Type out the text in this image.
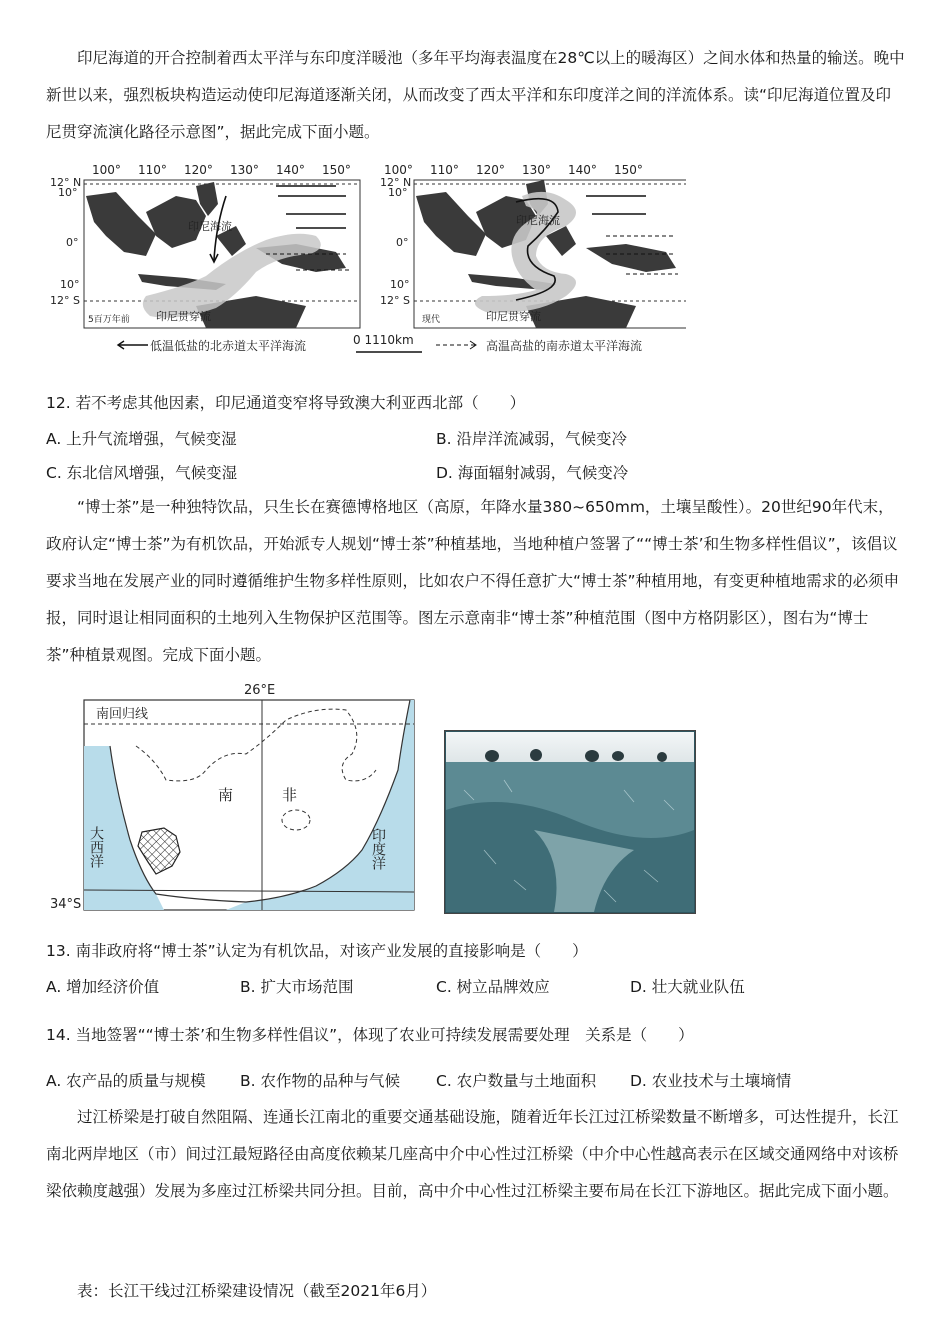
印尼海道的开合控制着西太平洋与东印度洋暖池（多年平均海表温度在28℃以上的暖海区）之间水体和热量的输送。晚中新世以来，强烈板块构造运动使印尼海道逐渐关闭，从而改变了西太平洋和东印度洋之间的洋流体系。读“印尼海道位置及印尼贯穿流演化路径示意图”，据此完成下面小题。
100° 110° 120° 130° 140° 150°	100° 110° 120° 130° 140° 150°
12° N
10°
0°
10°
12° S
12° N
10°
0°
10°
12° S
印尼海流
印尼贯穿流
5百万年前
印尼海流
印尼贯穿流
现代
低温低盐的北赤道太平洋海流	0 1110km	高温高盐的南赤道太平洋海流
12. 若不考虑其他因素，印尼通道变窄将导致澳大利亚西北部（　　）
A. 上升气流增强，气候变湿	B. 沿岸洋流减弱，气候变冷
C. 东北信风增强，气候变湿	D. 海面辐射减弱，气候变冷
“博士茶”是一种独特饮品，只生长在赛德博格地区（高原，年降水量380~650mm，土壤呈酸性）。20世纪90年代末，政府认定“博士茶”为有机饮品，开始派专人规划“博士茶”种植基地，当地种植户签署了““博士茶’和生物多样性倡议”，该倡议要求当地在发展产业的同时遵循维护生物多样性原则，比如农户不得任意扩大“博士茶”种植用地，有变更种植地需求的必须申报，同时退让相同面积的土地列入生物保护区范围等。图左示意南非“博士茶”种植范围（图中方格阴影区），图右为“博士茶”种植景观图。完成下面小题。
26°E
南回归线
南	非
大西洋	印度洋
34°S
13. 南非政府将“博士茶”认定为有机饮品，对该产业发展的直接影响是（　　）
A. 增加经济价值	B. 扩大市场范围	C. 树立品牌效应	D. 壮大就业队伍
14. 当地签署““博士茶’和生物多样性倡议”，体现了农业可持续发展需要处理　关系是（　　）
A. 农产品的质量与规模 B. 农作物的品种与气候 C. 农户数量与土地面积 D. 农业技术与土壤墒情
过江桥梁是打破自然阻隔、连通长江南北的重要交通基础设施，随着近年长江过江桥梁数量不断增多，可达性提升，长江南北两岸地区（市）间过江最短路径由高度依赖某几座高中介中心性过江桥梁（中介中心性越高表示在区域交通网络中对该桥梁依赖度越强）发展为多座过江桥梁共同分担。目前，高中介中心性过江桥梁主要布局在长江下游地区。据此完成下面小题。
表：长江干线过江桥梁建设情况（截至2021年6月）
